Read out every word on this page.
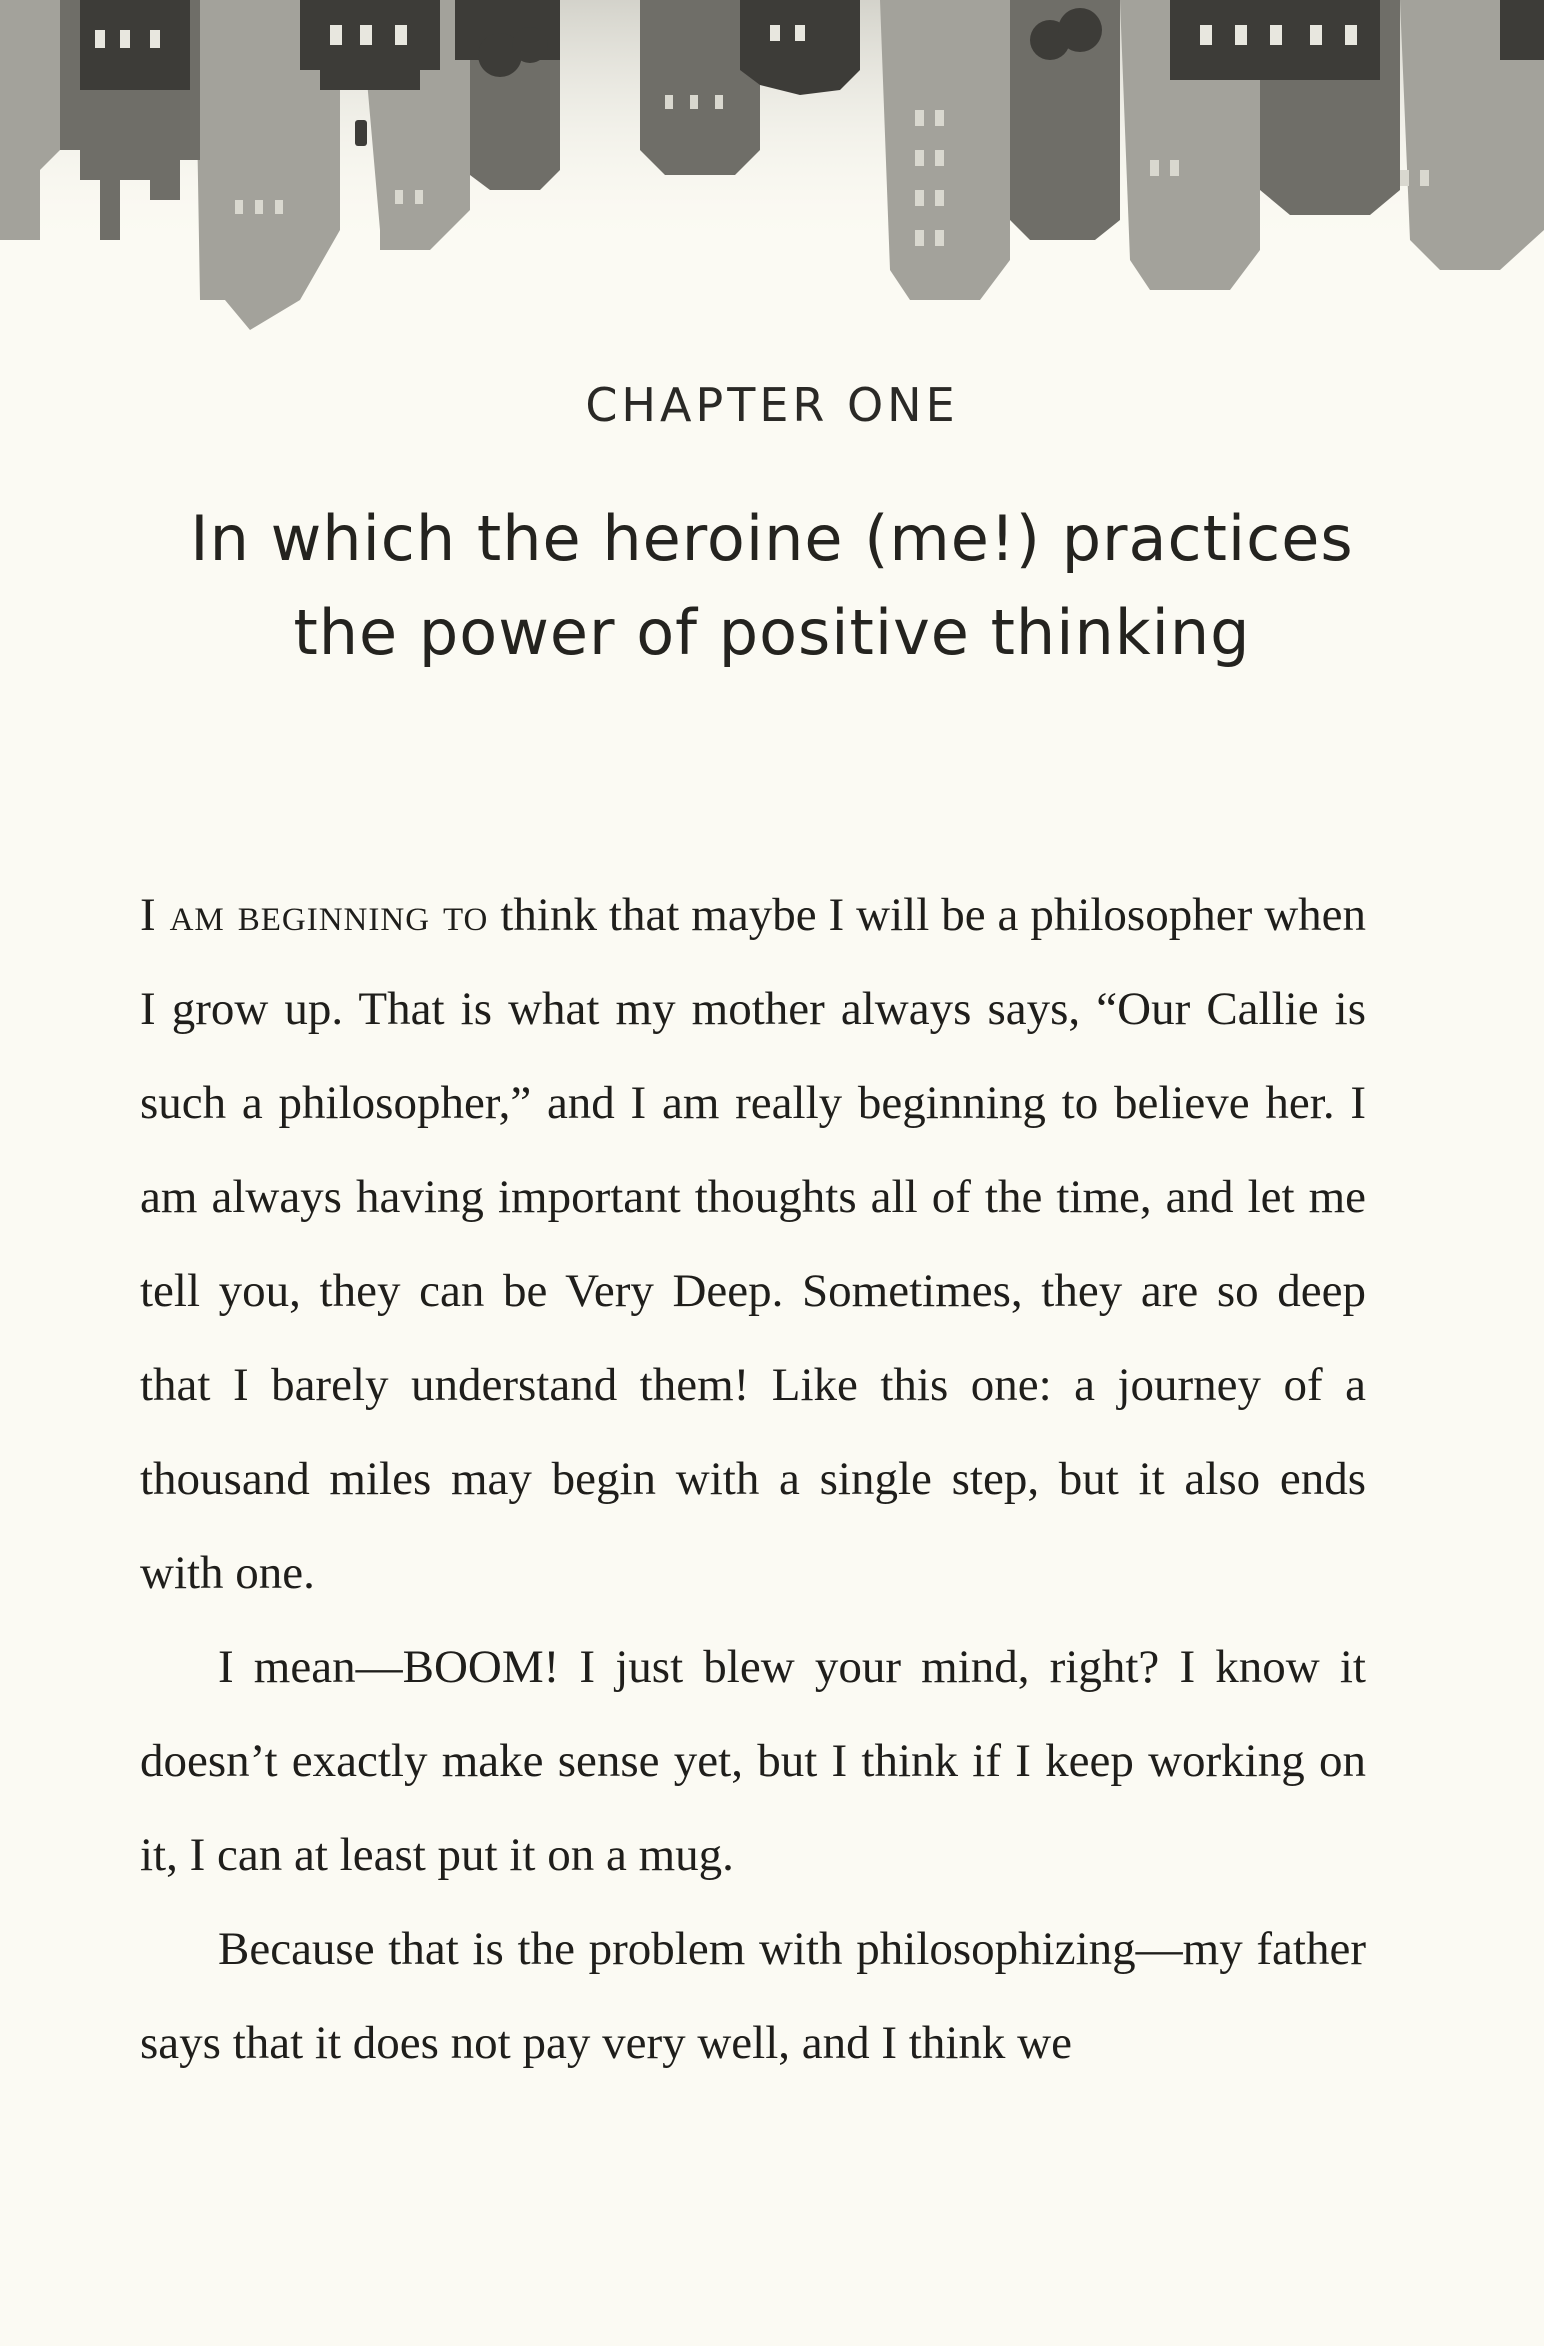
CHAPTER ONE
In which the heroine (me!) practices
the power of positive thinking

I am beginning to think that maybe I will be a philosopher when I grow up. That is what my mother always says, “Our Callie is such a philosopher,” and I am really beginning to believe her. I am always having important thoughts all of the time, and let me tell you, they can be Very Deep. Sometimes, they are so deep that I barely understand them! Like this one: a journey of a thousand miles may begin with a single step, but it also ends with one.

I mean—BOOM! I just blew your mind, right? I know it doesn’t exactly make sense yet, but I think if I keep working on it, I can at least put it on a mug.

Because that is the problem with philosophizing—my father says that it does not pay very well, and I think we
